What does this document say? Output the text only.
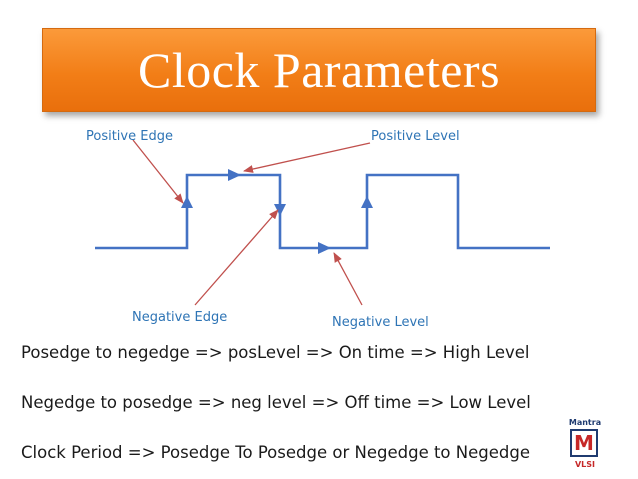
Clock Parameters
Positive Edge	Positive Level
Negative Edge	Negative Level

Posedge to negedge => posLevel => On time => High Level

Negedge to posedge => neg level => Off time => Low Level

Clock Period => Posedge To Posedge or Negedge to Negedge

Mantra
M
VLSI
